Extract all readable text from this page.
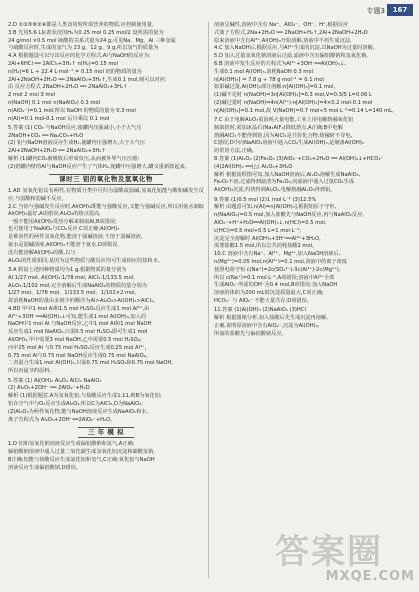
专题3	167
2.D ①③⑤⑥②④都是人类食用时所需营养的物质,应控制使用量。
3.B 先用5.6 L标准状况的H₂为0.25 mol 0.25 mol/2 设所需的量为
24 g/mol ×0.5 mol 硫酸的关系式量为24 g,可见Na、Mg、Al 三种金属
与硫酸反应时,生成的氢气为 23 g、12 g、9 g,所以氢气的质量为
4.A 根据题设可以写出反应的化学方程式,Al与NaOH的反应为:
2Al+6HCl ══ 2AlCl₃+3H₂↑ n(H₂)=0.15 mol
n(H₂)=6 L ÷ 22.4 L·mol⁻¹ = 0.15 mol 铝的物质的量为
2Al+2NaOH+2H₂O ══ 2NaAlO₂+3H₂↑,生成0.1 mol,则可以对应:
由 反应方程式 2NaOH+2H₂O ══ 2NaAlO₂+3H₂↑
2 mol 2 mol 3 mol
n(NaOH) 0.1 mol n(NaAlO₂) 0.3 mol
n(AlO₂⁻)=0.1 mol,所以 NaOH 的物质的量为 0.3 mol
n(Al)=0.1 mol-0.1 mol 后只乘以 0.1 mol
5.答案 (1) CO₂ 与NaOH反应,使罐内压强减小,小于大气压
2NaOH+CO₂ ══ Na₂CO₃+H₂O
(2) 铝与NaOH溶液反应生成H₂,使罐内压强增大,大于大气压
2Al+2NaOH+2H₂O ══ 2NaAlO₂+3H₂↑
解析 (1)罐内CO₂被吸收后形成负压,从而被外界气压压瘪;
(2)铝罐内壁的Al与NaOH反应产生了气体H₂,使罐中压强增大,罐又重新鼓起来。
课时三 铝的氧化物及氢氧化物
1.AD 氢氧化铝具有两性,在物质分类中可归为弱酸或弱碱,氢氧化铝能与酸和碱发生反应,与弱酸和弱碱不反应。
2.C 当铝与强碱发生反应时,Al(OH)₃既能与强酸反应,又能与强碱反应,所以用氨水制取Al(OH)₃最好,A项错误;Al₂O₃的熔点很高,
一般不能用Al(OH)₃受热分解来制取Al,B项错误;
也可使用于NaAlO₂与CO₂反应,C项正确;Al(OH)₃
是难溶性的两性氢氧化物,能溶于强碱溶液,不溶于弱碱溶液,
氨水是弱碱溶液,Al(OH)₃不能溶于氨水,D项错误。
没有能溶解Al(OH)₃的酸,以与
Al₂O₃的性质相同,是因为这些物质与酸反应均可生成相应的盐和水。
3.A 假设上述四种物质均为1 g,根据物质的量分别为
Al:1/27 mol, Al(OH)₃:1/78 mol, AlCl₃:1/133.5 mol,
Al₂O₃:1/102 mol,完全溶解后生成NaAlO₂的物质的量分别为
1/27 mol、1/78 mol、1/133.5 mol、1/102×2 mol,
故消耗NaOH的量由多到少的顺序为Al>Al₂O₃>Al(OH)₃>AlCl₃。
4.BD 甲中1 mol Al和1.5 mol H₂SO₄反应生成1 mol Al³⁺,由
Al³⁺+3OH⁻══Al(OH)₃↓可知,能生成1 mol Al(OH)₃,加入的
NaOH中1 mol Al 与NaOH反应,乙中1 mol Al和1 mol NaOH
反应生成1 mol NaAlO₂,只需0.5 mol H₂SO₄即可生成1 mol
Al(OH)₃,甲中需要3 mol NaOH,乙中需要0.5 mol H₂SO₄;
丙中25 mol Al 与0.75 mol H₂SO₄反应生成0.25 mol Al³⁺,
0.75 mol Al与0.75 mol NaOH反应生成0.75 mol NaAlO₂,
二者混合生成1 mol Al(OH)₃,只需0.75 mol H₂SO₄和0.75 mol NaOH,
所以丙最节约原料。
5.答案 (1) Al(OH)₃ Al₂O₃ AlCl₃ NaAlO₂
(2) Al₂O₃+2OH⁻ ══ 2AlO₂⁻+H₂O
解析 (1)根据题意,A为氢氧化铝,与盐酸反应生成1.11,则B为氧化铝;
铝在空气中与O₂反应生成Al₂O₃,所以C为AlCl₃,D为NaAlO₂;
(2)Al₂O₃为两性氧化物,能与NaOH溶液反应生成NaAlO₂和水,
离子方程式为 Al₂O₃+2OH⁻══2AlO₂⁻+H₂O。
三 年 模 拟
1.D 铝和氢氧化钠溶液反应生成偏铝酸钠和氢气,A正确;
偏铝酸钠溶液中通入过量二氧化碳生成氢氧化铝沉淀和碳酸氢钠,
B正确;铝能与盐酸反应生成氯化铝和氢气,C正确;氧化铝与NaOH
溶液反应生成偏铝酸钠,D错误。
溶液呈碱性,溶液中含有 Na⁺、AlO₂⁻、OH⁻、H⁺,根据反应
式离子方程式,2Na+2H₂O ══ 2NaOH+H₂↑,2Al+2NaOH+2H₂O
原来溶液中含有Al³⁺,Al(OH)₃开始溶解,溶液中不再生成沉淀,
4.C 加入NaOH后,根据反应,与Al³⁺生成的沉淀,以NaOH为过量时溶解。
5.D 加入过量氢氧化钠溶液后过滤,滤液中含有偏铝酸钠和氢氧化钠,
6.B 溶液中发生反应的方程式为Al³⁺+3OH⁻══Al(OH)₃↓,
生成0.1 mol Al(OH)₃,消耗NaOH 0.3 mol
n[Al(OH)₃] = 7.8 g ÷ 78 g·mol⁻¹ = 0.1 mol
如果碱过量,Al(OH)₃部分溶解:n[Al(OH)₃]=0.1 mol,
(1)碱不足时 n(NaOH)=3n[Al(OH)₃]=0.3 mol,V=0.3/5 L=0.06 L
(2)碱过量时 n(NaOH)=4n(Al³⁺)-n[Al(OH)₃]=4×0.2 mol-0.1 mol
n[Al(OH)₃]=0.1 mol,故 V(NaOH)=0.7 mol÷5 mol·L⁻¹=0.14 L=140 mL。
7.C 由于电解Al₂O₃需消耗大量电能,工业上用电解熔融氧化铝
制取铝时,需加冰晶石(Na₃AlF₆)降低熔点,A正确;B中电解
熔融AlCl₃不能得到铝,因为AlCl₃是共价化合物,熔融时不导电,
C错误;D中向NaAlO₂溶液中通入CO₂生成Al(OH)₃,是制备Al(OH)₃
的常用方法,正确。
8.答案 (1)Al₂O₃ (2)Fe₂O₃ (3)AlO₂⁻+CO₂+2H₂O ══ Al(OH)₃↓+HCO₃⁻
(4)2Al(OH)₃ ══(△) Al₂O₃+3H₂O
解析 根据流程图可知,加入NaOH溶液后,Al₂O₃溶解生成NaAlO₂,
Fe₂O₃不溶,过滤得到滤渣为Fe₂O₃;向滤液中通入过量CO₂生成
Al(OH)₃沉淀,灼烧得到Al₂O₃,电解熔融Al₂O₃得到铝。
9.答案 (1)0.5 mol (2)1 mol·L⁻¹ (3)12.5%
解析 由题意可知,n(Al)=n[Al(OH)₃],根据铝原子守恒,
n(NaAlO₂)=0.5 mol,加入盐酸先与NaOH反应,再与NaAlO₂反应,
AlO₂⁻+H⁺+H₂O══Al(OH)₃↓,n(HCl)=0.5 mol,
c(HCl)=0.5 mol÷0.5 L=1 mol·L⁻¹;
沉淀完全溶解时 Al(OH)₃+3H⁺══Al³⁺+3H₂O,
需要盐酸1.5 mol,所以总共消耗盐酸2 mol。
10.C 溶液中含有Na⁺、Al³⁺、Mg²⁺,加入NaOH溶液后,
n(Mg²⁺)=0.05 mol,n(Al³⁺)=0.1 mol,溶液中的离子浓度
按照电荷守恒 c(Na⁺)=2c(SO₄²⁻)-3c(Al³⁺)-2c(Mg²⁺),
所以 c(Na⁺)=0.1 mol·L⁻¹,A项错误;溶液中Al³⁺全部
生成AlO₂⁻所需的OH⁻为0.4 mol,B项错误;加入NaOH
溶液的体积为200 mL时沉淀质量最大,C项正确;
HCO₃⁻ 与 AlO₂⁻ 不能大量共存,D项错误。
11.答案 (1)Al(OH)₃ (2)NaAlO₂ (3)HCl
解析 根据图像分析,加入盐酸后先生成沉淀再溶解,
正确,说明原溶液中含有AlO₂⁻,沉淀为Al(OH)₃,
所加的盐酸先与偏铝酸钠反应。
答案圈
MXQE.COM
